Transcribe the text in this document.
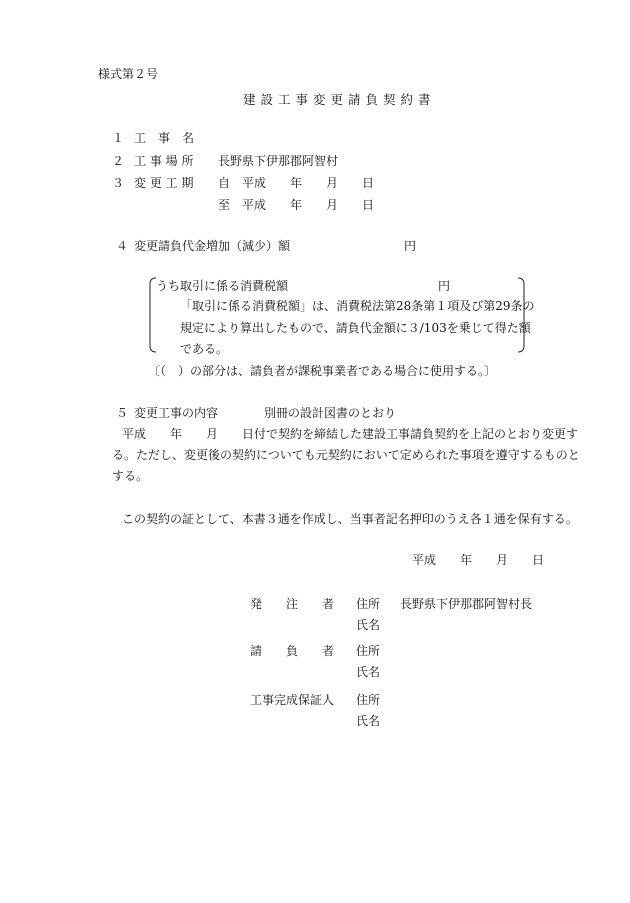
様式第２号
建設工事変更請負契約書
１ 工　事　名
２ 工 事 場 所 長野県下伊那郡阿智村
３ 変 更 工 期 自　平成　　年　　月　　日
至　平成　　年　　月　　日
４ 変更請負代金増加（減少）額	円
うち取引に係る消費税額	円
「取引に係る消費税額」は、消費税法第28条第１項及び第29条の
規定により算出したもので、請負代金額に３/103を乗じて得た額
である。
〔（　）の部分は、請負者が課税事業者である場合に使用する。〕
５ 変更工事の内容	別冊の設計図書のとおり
平成　　年　　月　　日付で契約を締結した建設工事請負契約を上記のとおり変更す
る。ただし、変更後の契約についても元契約において定められた事項を遵守するものと
する。
この契約の証として、本書３通を作成し、当事者記名押印のうえ各１通を保有する。
平成　　年　　月　　日
発　　注　　者 住所 長野県下伊那郡阿智村長
氏名
請　　負　　者 住所
氏名
工事完成保証人 住所
氏名
